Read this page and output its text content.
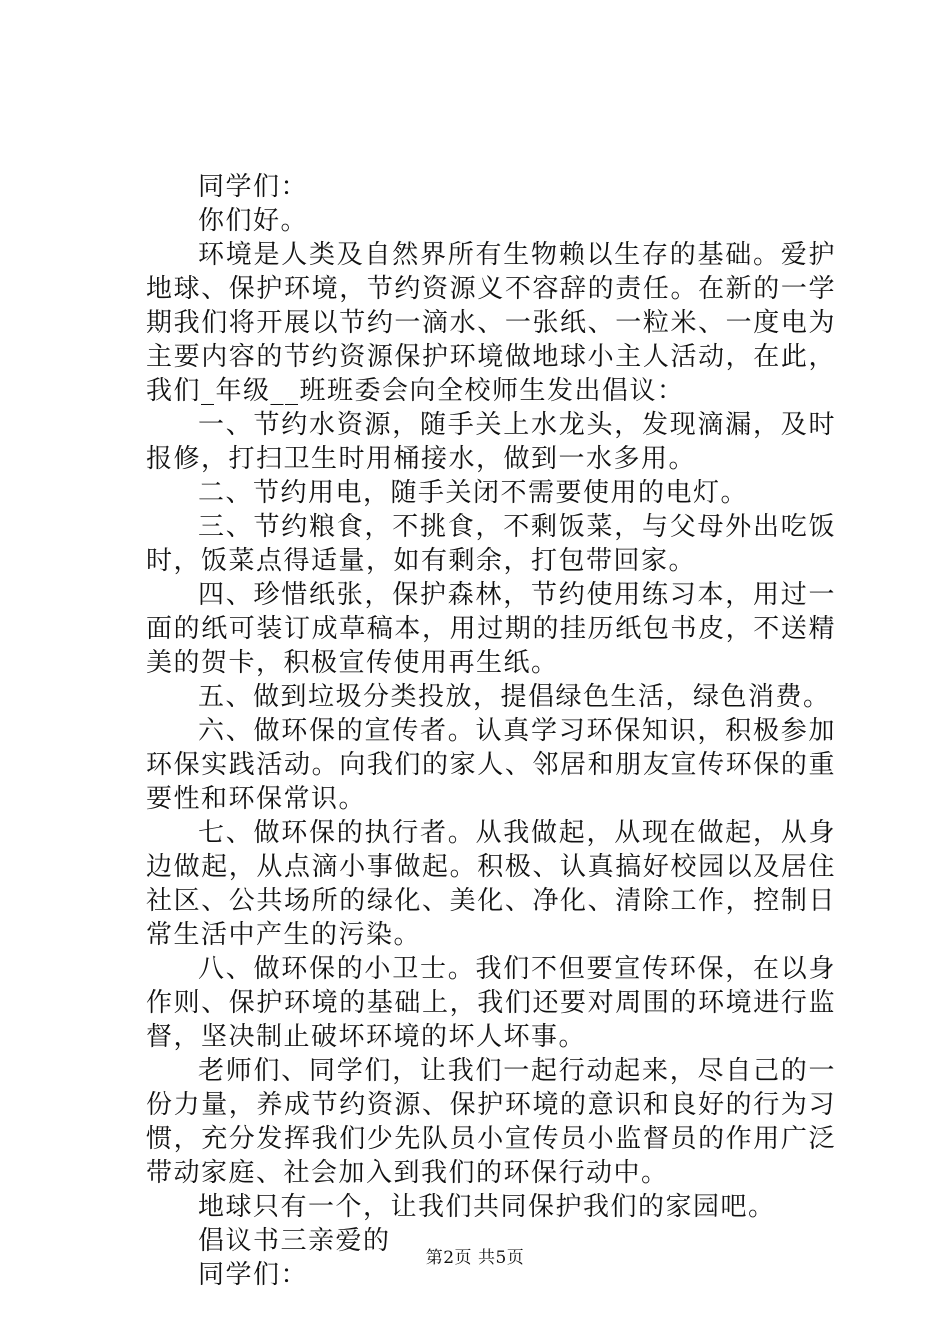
同学们：

你们好。

环境是人类及自然界所有生物赖以生存的基础。爱护地球、保护环境，节约资源义不容辞的责任。在新的一学期我们将开展以节约一滴水、一张纸、一粒米、一度电为主要内容的节约资源保护环境做地球小主人活动，在此，我们_年级__班班委会向全校师生发出倡议：

一、节约水资源，随手关上水龙头，发现滴漏，及时报修，打扫卫生时用桶接水，做到一水多用。

二、节约用电，随手关闭不需要使用的电灯。

三、节约粮食，不挑食，不剩饭菜，与父母外出吃饭时，饭菜点得适量，如有剩余，打包带回家。

四、珍惜纸张，保护森林，节约使用练习本，用过一面的纸可装订成草稿本，用过期的挂历纸包书皮，不送精美的贺卡，积极宣传使用再生纸。

五、做到垃圾分类投放，提倡绿色生活，绿色消费。

六、做环保的宣传者。认真学习环保知识，积极参加环保实践活动。向我们的家人、邻居和朋友宣传环保的重要性和环保常识。

七、做环保的执行者。从我做起，从现在做起，从身边做起，从点滴小事做起。积极、认真搞好校园以及居住社区、公共场所的绿化、美化、净化、清除工作，控制日常生活中产生的污染。

八、做环保的小卫士。我们不但要宣传环保，在以身作则、保护环境的基础上，我们还要对周围的环境进行监督，坚决制止破坏环境的坏人坏事。

老师们、同学们，让我们一起行动起来，尽自己的一份力量，养成节约资源、保护环境的意识和良好的行为习惯，充分发挥我们少先队员小宣传员小监督员的作用广泛带动家庭、社会加入到我们的环保行动中。

地球只有一个，让我们共同保护我们的家园吧。

倡议书三亲爱的

同学们：

第2页 共5页
